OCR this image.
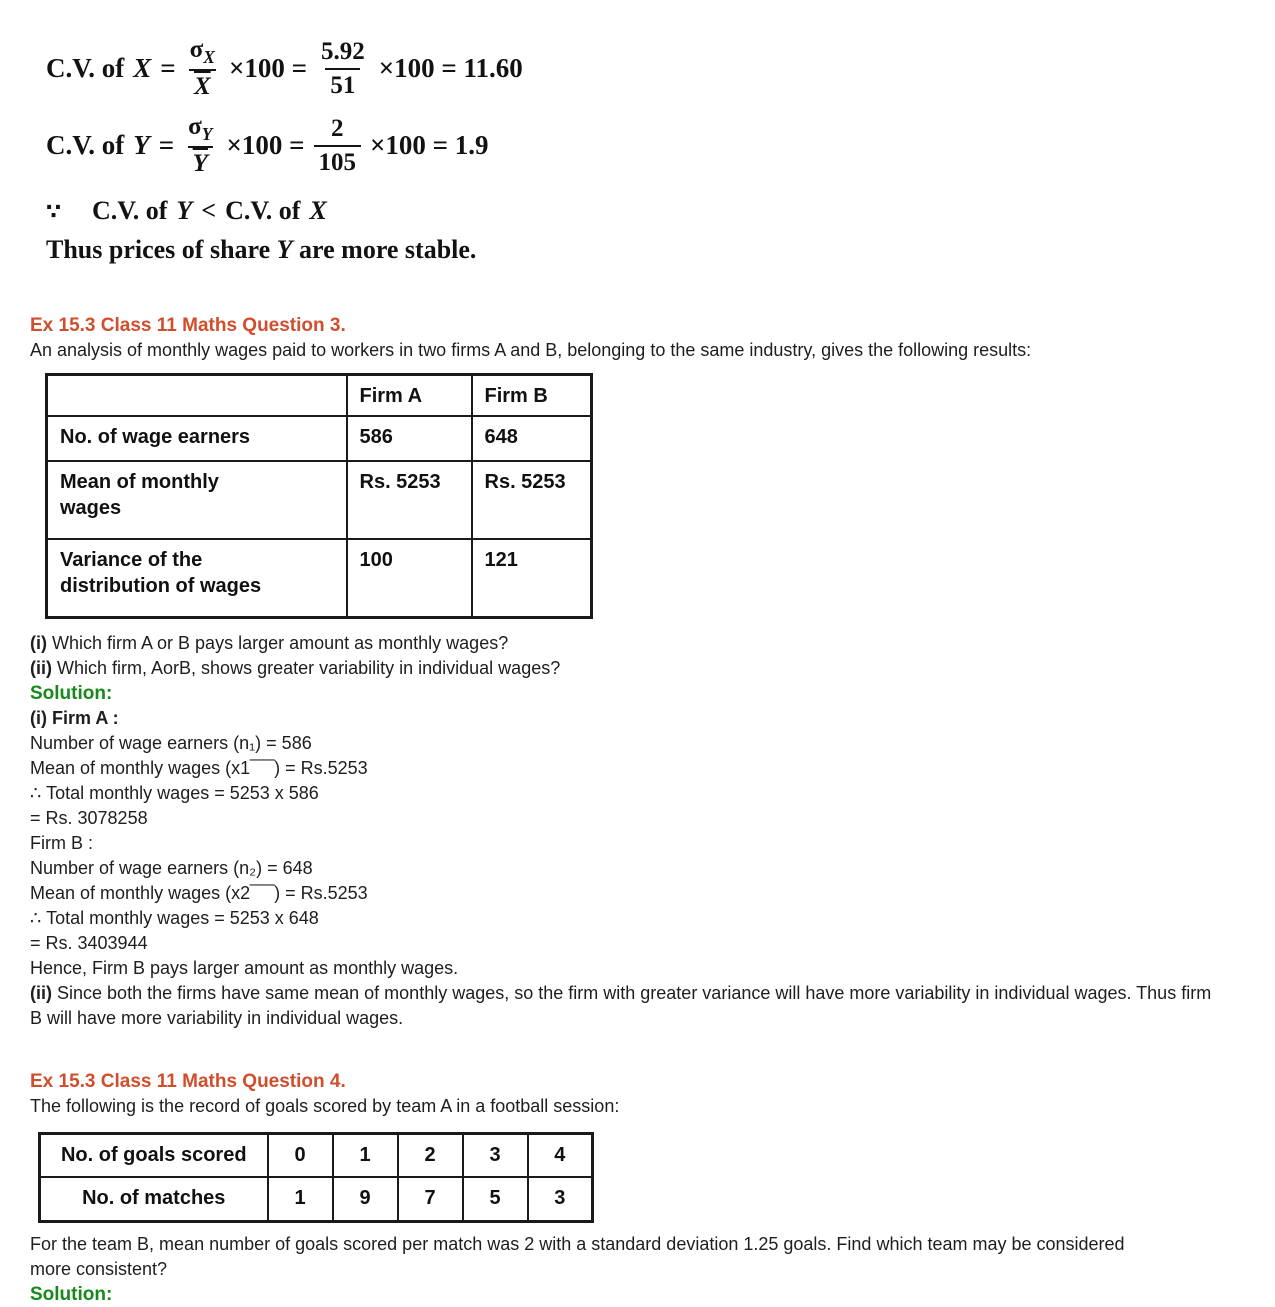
C.V. of $X = \frac{\sigma_X}{X} \times 100 = \frac{5.92}{51} \times 100 = 11.60$
C.V. of $Y = \frac{\sigma_Y}{Y} \times 100 = \frac{2}{105} \times 100 = 1.9$
∵	C.V. of Y < C.V. of X
Thus prices of share Y are more stable.
Ex 15.3 Class 11 Maths Question 3.
An analysis of monthly wages paid to workers in two firms A and B, belonging to the same industry, gives the following results:
	Firm A	Firm B

No. of wage earners	586	648

Mean of monthly
wages	Rs. 5253	Rs. 5253

Variance of the
distribution of wages	100	121
(i) Which firm A or B pays larger amount as monthly wages?
(ii) Which firm, AorB, shows greater variability in individual wages?
Solution:
(i) Firm A :
Number of wage earners (n₁) = 586
Mean of monthly wages (x1‾‾‾‾) = Rs.5253
∴ Total monthly wages = 5253 x 586
= Rs. 3078258
Firm B :
Number of wage earners (n₂) = 648
Mean of monthly wages (x2‾‾‾‾) = Rs.5253
∴ Total monthly wages = 5253 x 648
= Rs. 3403944
Hence, Firm B pays larger amount as monthly wages.
(ii) Since both the firms have same mean of monthly wages, so the firm with greater variance will have more variability in individual wages. Thus firm B will have more variability in individual wages.
Ex 15.3 Class 11 Maths Question 4.
The following is the record of goals scored by team A in a football session:
No. of goals scored	0	1	2	3	4
No. of matches	1	9	7	5	3
For the team B, mean number of goals scored per match was 2 with a standard deviation 1.25 goals. Find which team may be considered more consistent?
Solution:
